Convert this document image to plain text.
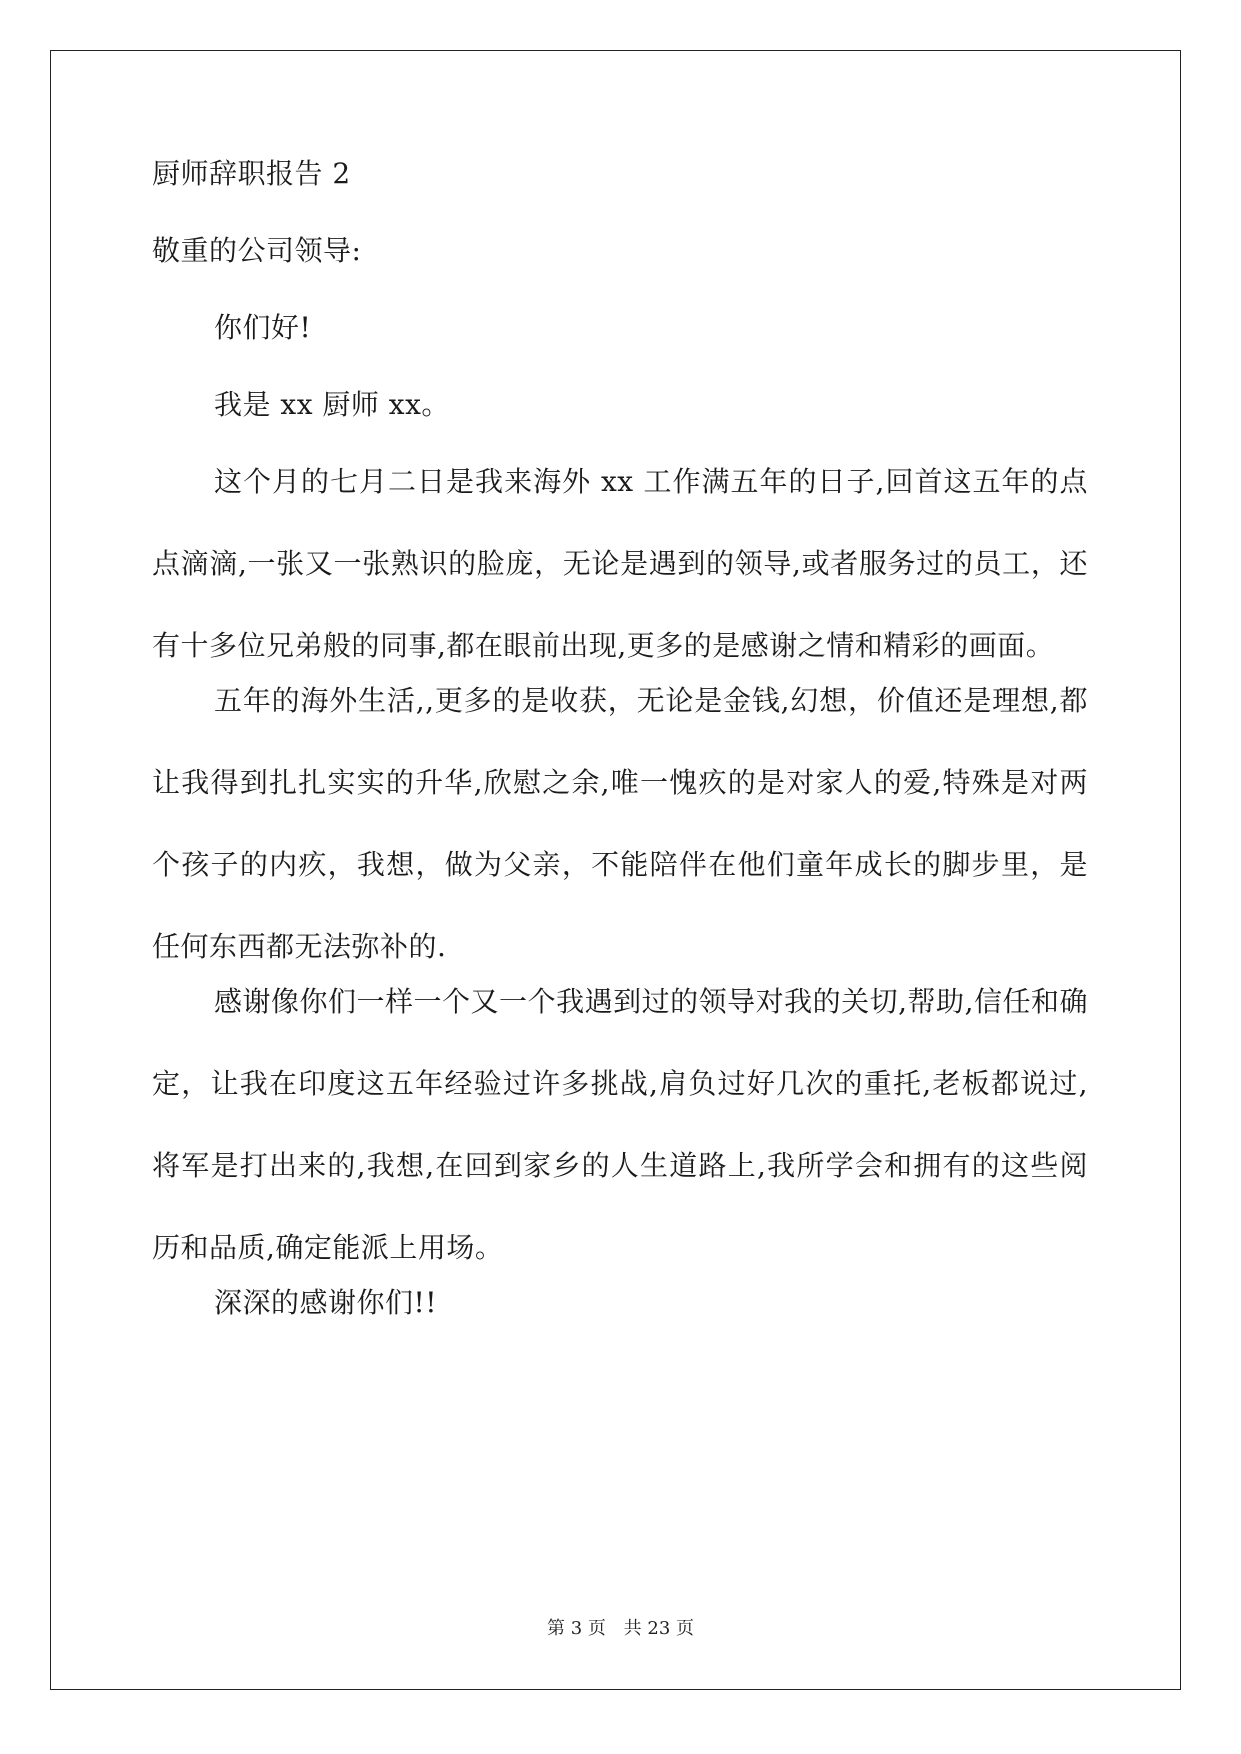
厨师辞职报告 2
敬重的公司领导:

你们好!

我是 xx 厨师 xx。

这个月的七月二日是我来海外 xx 工作满五年的日子,回首这五年的点点滴滴,一张又一张熟识的脸庞，无论是遇到的领导,或者服务过的员工，还有十多位兄弟般的同事,都在眼前出现,更多的是感谢之情和精彩的画面。

五年的海外生活,,更多的是收获，无论是金钱,幻想，价值还是理想,都让我得到扎扎实实的升华,欣慰之余,唯一愧疚的是对家人的爱,特殊是对两个孩子的内疚，我想，做为父亲，不能陪伴在他们童年成长的脚步里，是任何东西都无法弥补的.

感谢像你们一样一个又一个我遇到过的领导对我的关切,帮助,信任和确定，让我在印度这五年经验过许多挑战,肩负过好几次的重托,老板都说过,将军是打出来的,我想,在回到家乡的人生道路上,我所学会和拥有的这些阅历和品质,确定能派上用场。

深深的感谢你们!!

第 3 页 共 23 页
